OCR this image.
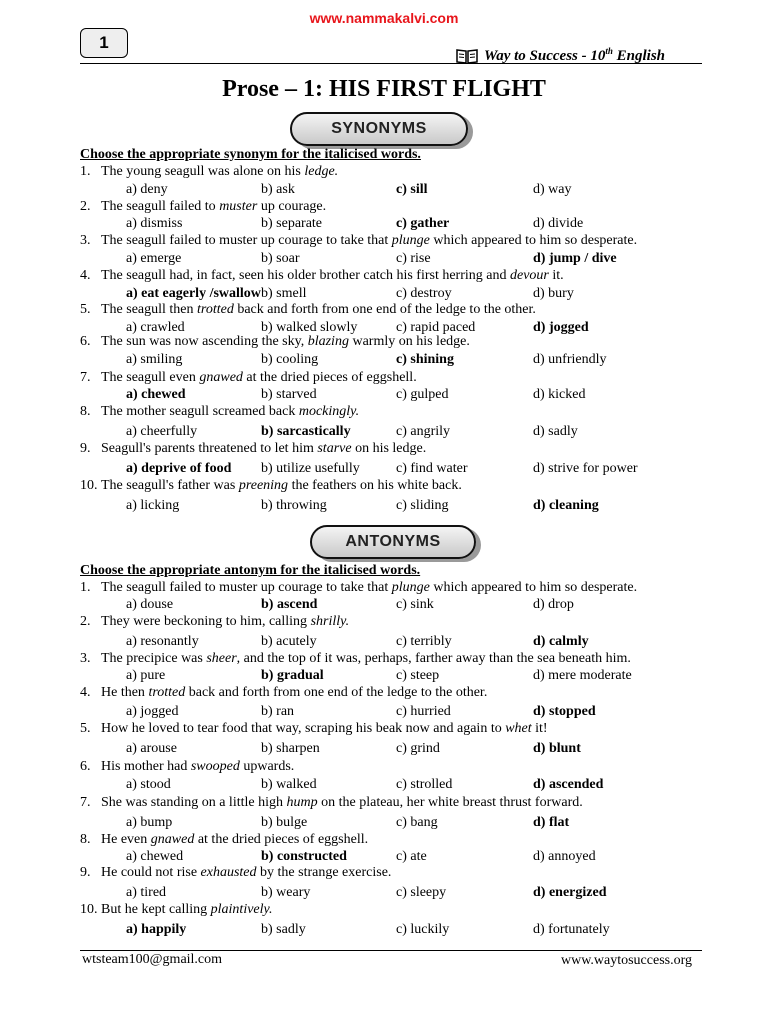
www.nammakalvi.com
1
Way to Success - 10th English
Prose – 1: HIS FIRST FLIGHT
SYNONYMS
Choose the appropriate synonym for the italicised words.
1. The young seagull was alone on his ledge.
a) deny	b) ask	c) sill	d) way
2. The seagull failed to muster up courage.
a) dismiss	b) separate	c) gather	d) divide
3. The seagull failed to muster up courage to take that plunge which appeared to him so desperate.
a) emerge	b) soar	c) rise	d) jump / dive
4. The seagull had, in fact, seen his older brother catch his first herring and devour it.
a) eat eagerly /swallow b) smell	c) destroy	d) bury
5. The seagull then trotted back and forth from one end of the ledge to the other.
a) crawled	b) walked slowly	c) rapid paced	d) jogged
6. The sun was now ascending the sky, blazing warmly on his ledge.
a) smiling	b) cooling	c) shining	d) unfriendly
7. The seagull even gnawed at the dried pieces of eggshell.
a) chewed	b) starved	c) gulped	d) kicked
8. The mother seagull screamed back mockingly.
a) cheerfully	b) sarcastically	c) angrily	d) sadly
9. Seagull's parents threatened to let him starve on his ledge.
a) deprive of food b) utilize usefully	c) find water	d) strive for power
10. The seagull's father was preening the feathers on his white back.
a) licking	b) throwing	c) sliding	d) cleaning
ANTONYMS
Choose the appropriate antonym for the italicised words.
1. The seagull failed to muster up courage to take that plunge which appeared to him so desperate.
a) douse	b) ascend	c) sink	d) drop
2. They were beckoning to him, calling shrilly.
a) resonantly	b) acutely	c) terribly	d) calmly
3. The precipice was sheer, and the top of it was, perhaps, farther away than the sea beneath him.
a) pure	b) gradual	c) steep	d) mere moderate
4. He then trotted back and forth from one end of the ledge to the other.
a) jogged	b) ran	c) hurried	d) stopped
5. How he loved to tear food that way, scraping his beak now and again to whet it!
a) arouse	b) sharpen	c) grind	d) blunt
6. His mother had swooped upwards.
a) stood	b) walked	c) strolled	d) ascended
7. She was standing on a little high hump on the plateau, her white breast thrust forward.
a) bump	b) bulge	c) bang	d) flat
8. He even gnawed at the dried pieces of eggshell.
a) chewed	b) constructed	c) ate	d) annoyed
9. He could not rise exhausted by the strange exercise.
a) tired	b) weary	c) sleepy	d) energized
10. But he kept calling plaintively.
a) happily	b) sadly	c) luckily	d) fortunately
wtsteam100@gmail.com	www.waytosuccess.org
